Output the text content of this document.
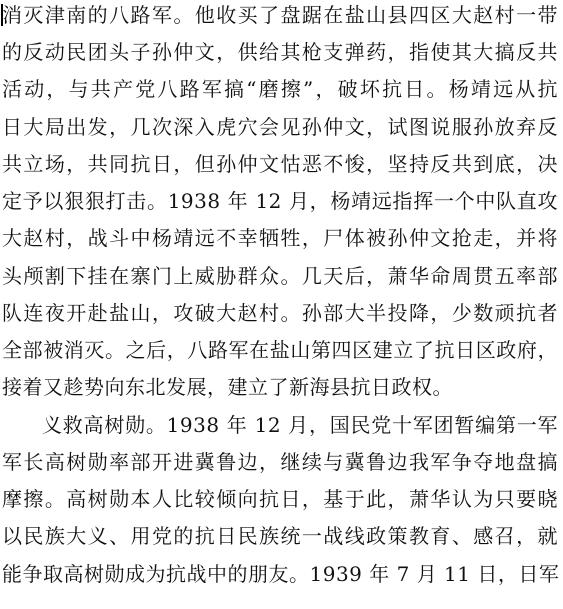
消灭津南的八路军。他收买了盘踞在盐山县四区大赵村一带
的反动民团头子孙仲文，供给其枪支弹药，指使其大搞反共
活动，与共产党八路军搞“磨擦”，破坏抗日。杨靖远从抗
日大局出发，几次深入虎穴会见孙仲文，试图说服孙放弃反
共立场，共同抗日，但孙仲文怙恶不悛，坚持反共到底，决
定予以狠狠打击。1938 年 12 月，杨靖远指挥一个中队直攻
大赵村，战斗中杨靖远不幸牺牲，尸体被孙仲文抢走，并将
头颅割下挂在寨门上威胁群众。几天后，萧华命周贯五率部
队连夜开赴盐山，攻破大赵村。孙部大半投降，少数顽抗者
全部被消灭。之后，八路军在盐山第四区建立了抗日区政府，
接着又趁势向东北发展，建立了新海县抗日政权。
义救高树勋。1938 年 12 月，国民党十军团暂编第一军
军长高树勋率部开进冀鲁边，继续与冀鲁边我军争夺地盘搞
摩擦。高树勋本人比较倾向抗日，基于此，萧华认为只要晓
以民族大义、用党的抗日民族统一战线政策教育、感召，就
能争取高树勋成为抗战中的朋友。1939 年 7 月 11 日，日军
